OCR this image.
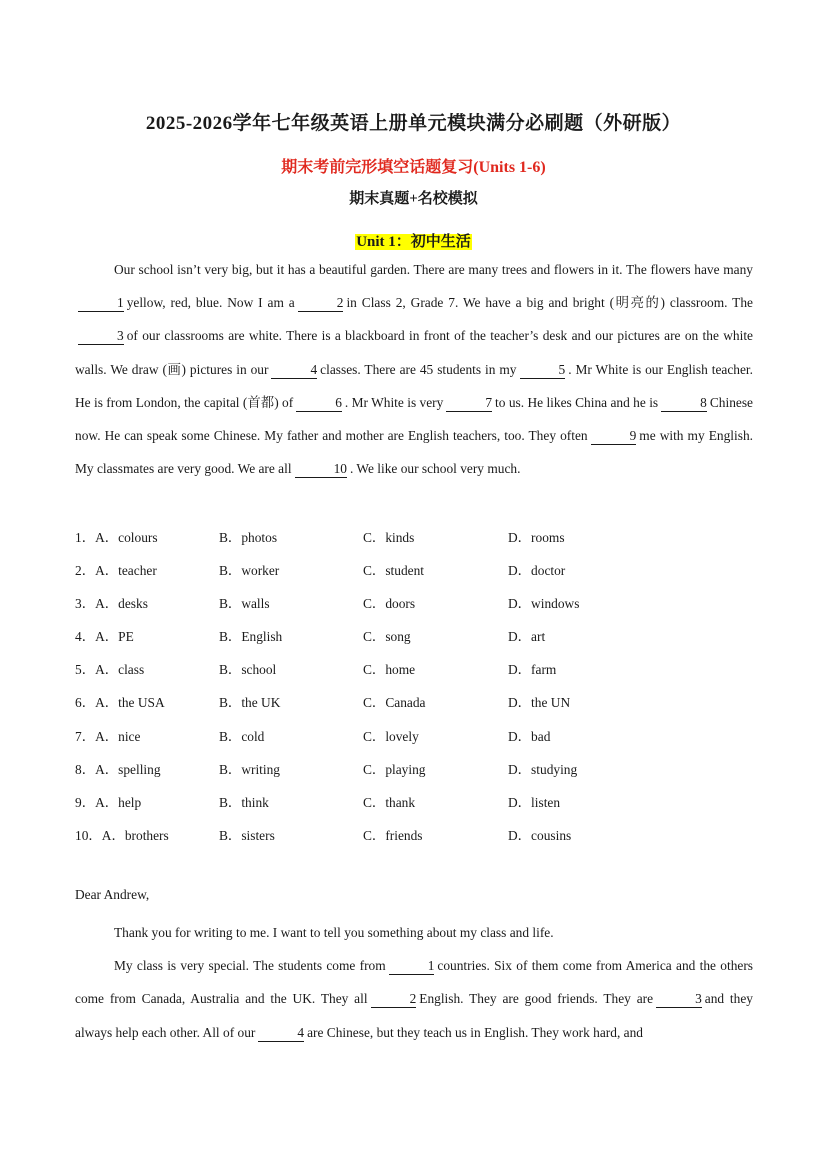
2025-2026学年七年级英语上册单元模块满分必刷题（外研版）
期末考前完形填空话题复习(Units 1-6)
期末真题+名校模拟
Unit 1：初中生活

Our school isn’t very big, but it has a beautiful garden. There are many trees and flowers in it. The flowers have many1 yellow, red, blue. Now I am a	2 in Class 2, Grade 7. We have a big and bright (明亮的) classroom. The3 of our classrooms are white. There is a blackboard in front of the teacher’s desk and our pictures are on the white walls. We draw (画) pictures in our	4 classes. There are 45 students in my	5 . Mr White is our English teacher. He is from London, the capital (首都) of	6 . Mr White is very	7 to us. He likes China and he is	8 Chinese now. He can speak some Chinese. My father and mother are English teachers, too. They often	9 me with my English. My classmates are very good. We are all	10 . We like our school very much.

1．A．colours	B．photos	C．kinds	D．rooms
2．A．teacher	B．worker	C．student	D．doctor
3．A．desks	B．walls	C．doors	D．windows
4．A．PE	B．English	C．song	D．art
5．A．class	B．school	C．home	D．farm
6．A．the USA	B．the UK	C．Canada	D．the UN
7．A．nice	B．cold	C．lovely	D．bad
8．A．spelling	B．writing	C．playing	D．studying
9．A．help	B．think	C．thank	D．listen
10．A．brothers	B．sisters	C．friends	D．cousins
Dear Andrew,

Thank you for writing to me. I want to tell you something about my class and life.

My class is very special. The students come from	1 countries. Six of them come from America and the others come from Canada, Australia and the UK. They all	2 English. They are good friends. They are	3 and they always help each other. All of our	4 are Chinese, but they teach us in English. They work hard, and
